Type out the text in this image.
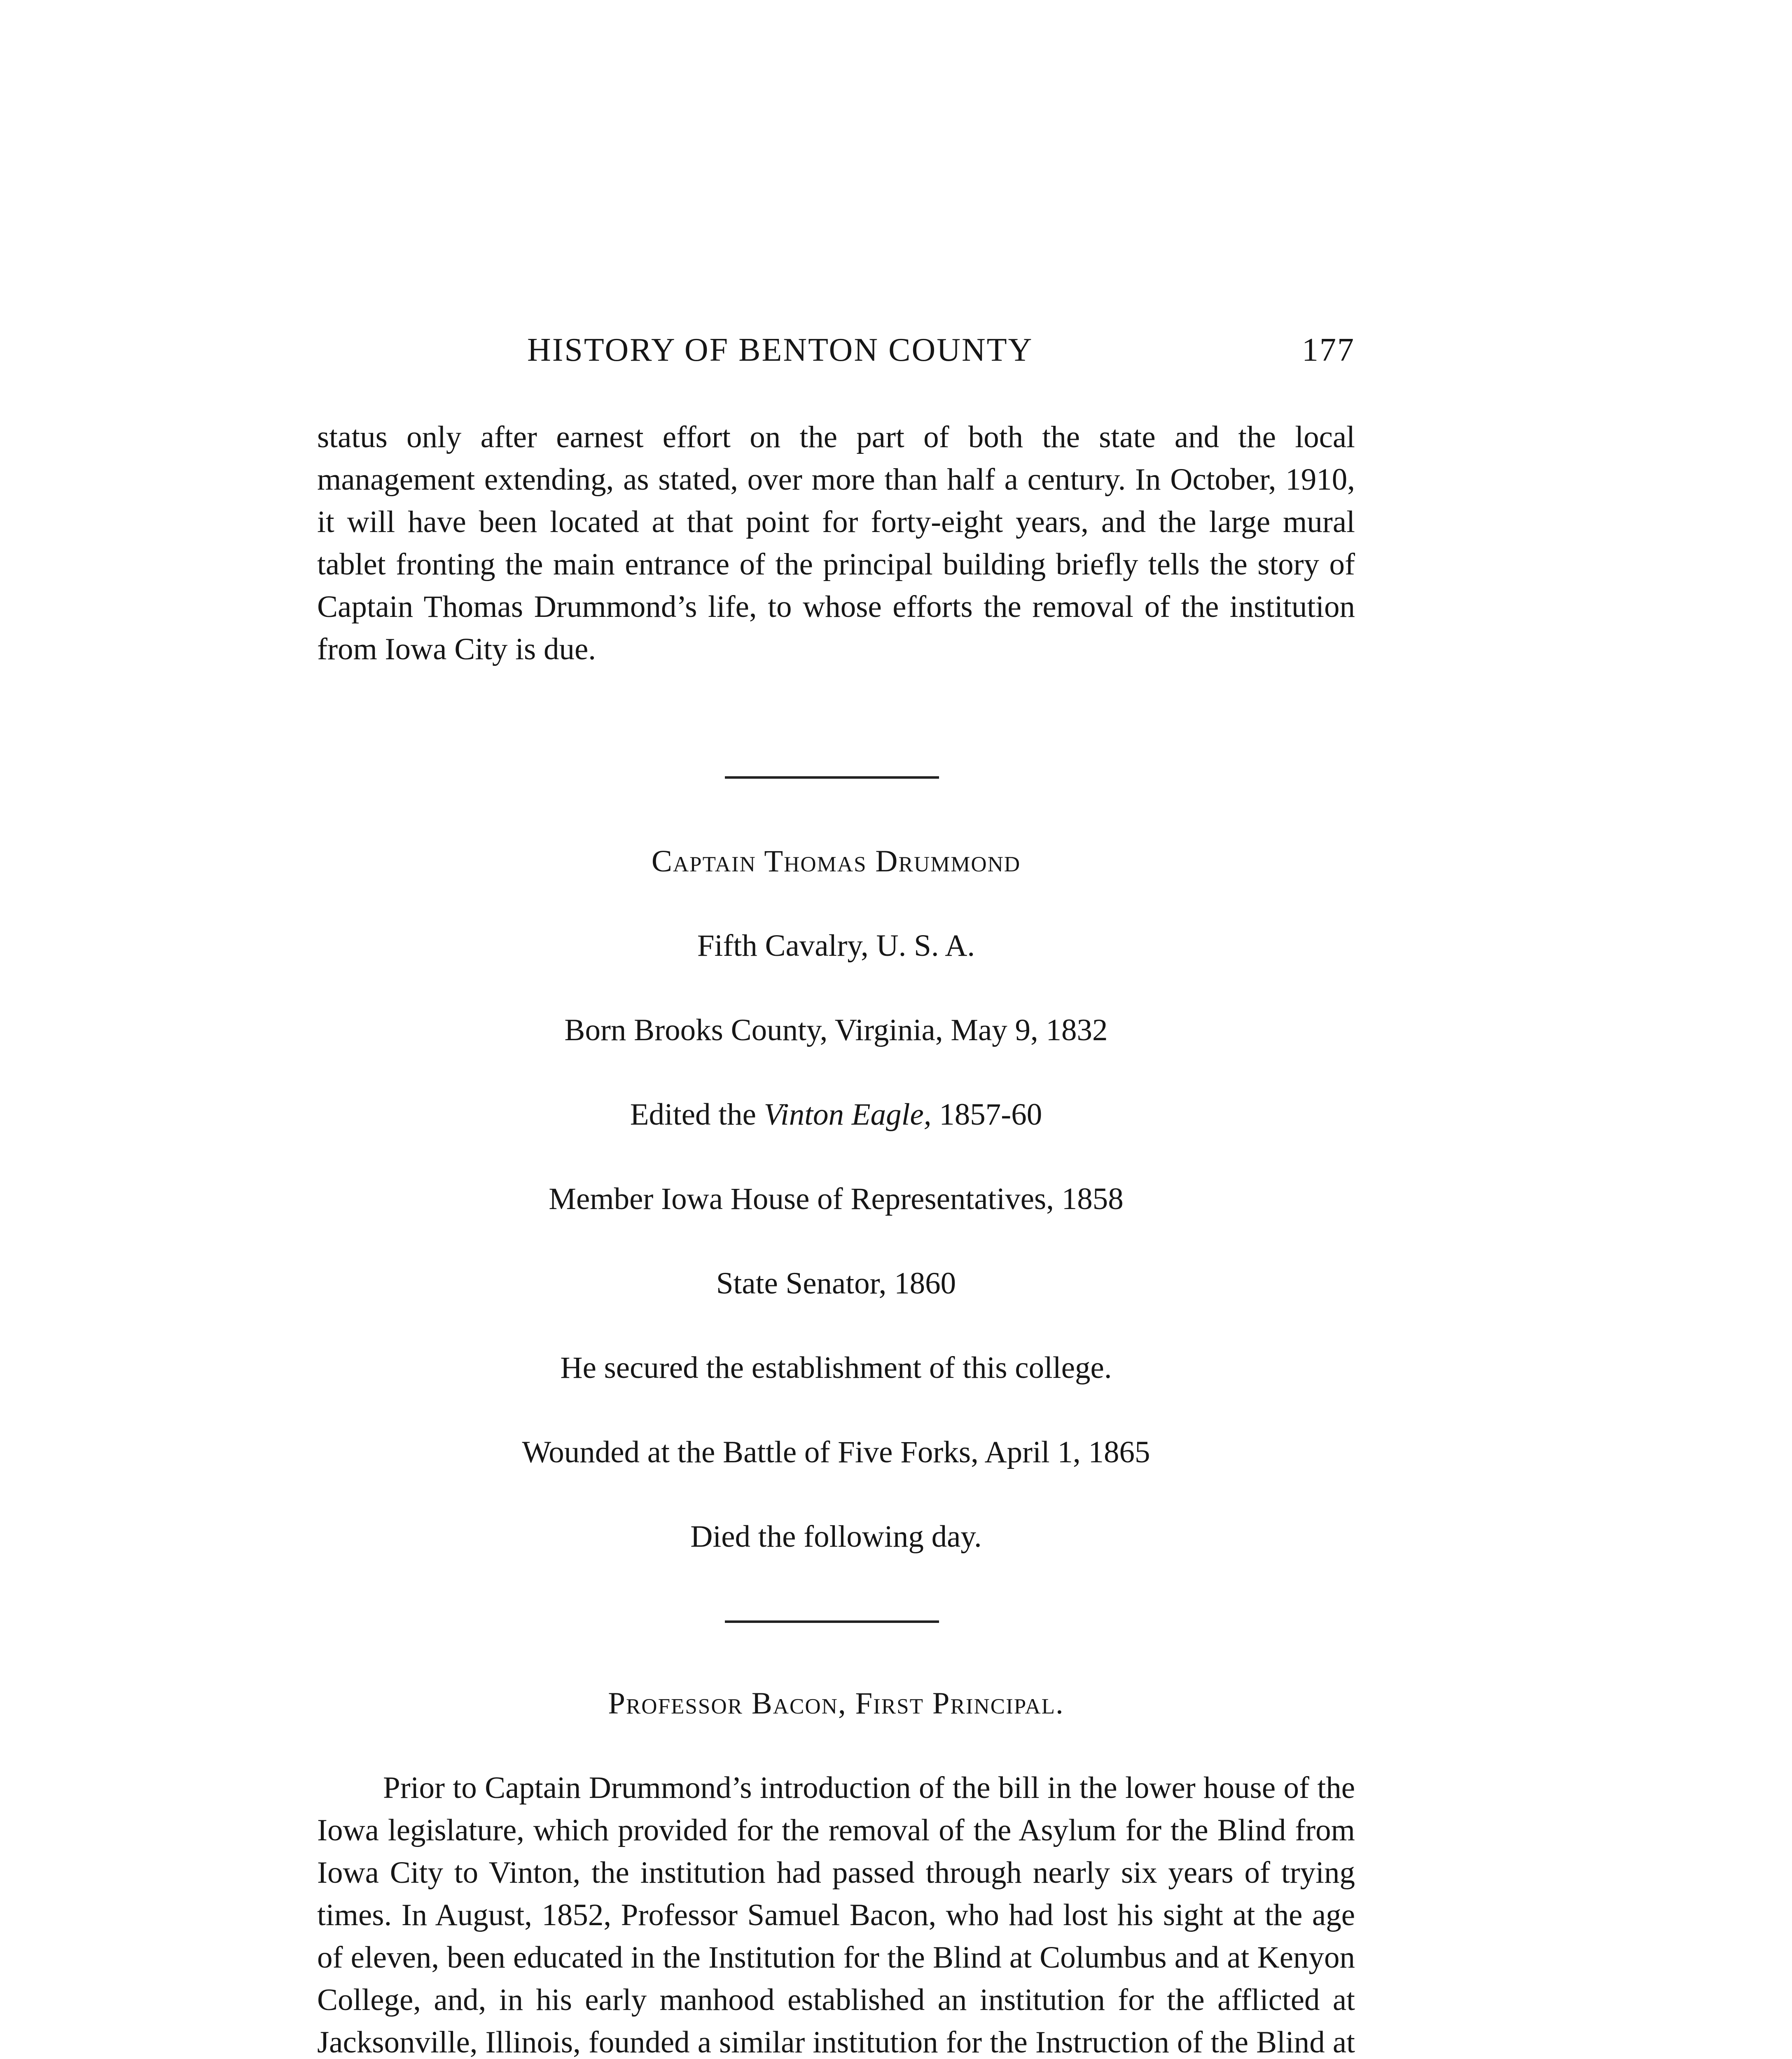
HISTORY OF BENTON COUNTY	177

status only after earnest effort on the part of both the state and the local management extending, as stated, over more than half a century. In October, 1910, it will have been located at that point for forty-eight years, and the large mural tablet fronting the main entrance of the principal building briefly tells the story of Captain Thomas Drummond’s life, to whose efforts the removal of the institution from Iowa City is due.

Captain Thomas Drummond
Fifth Cavalry, U. S. A.
Born Brooks County, Virginia, May 9, 1832
Edited the Vinton Eagle, 1857-60
Member Iowa House of Representatives, 1858
State Senator, 1860
He secured the establishment of this college.
Wounded at the Battle of Five Forks, April 1, 1865
Died the following day.
Professor Bacon, First Principal.

Prior to Captain Drummond’s introduction of the bill in the lower house of the Iowa legislature, which provided for the removal of the Asylum for the Blind from Iowa City to Vinton, the institution had passed through nearly six years of trying times. In August, 1852, Professor Samuel Bacon, who had lost his sight at the age of eleven, been educated in the Institution for the Blind at Columbus and at Kenyon College, and, in his early manhood established an institution for the afflicted at Jacksonville, Illinois, founded a similar institution for the Instruction of the Blind at
